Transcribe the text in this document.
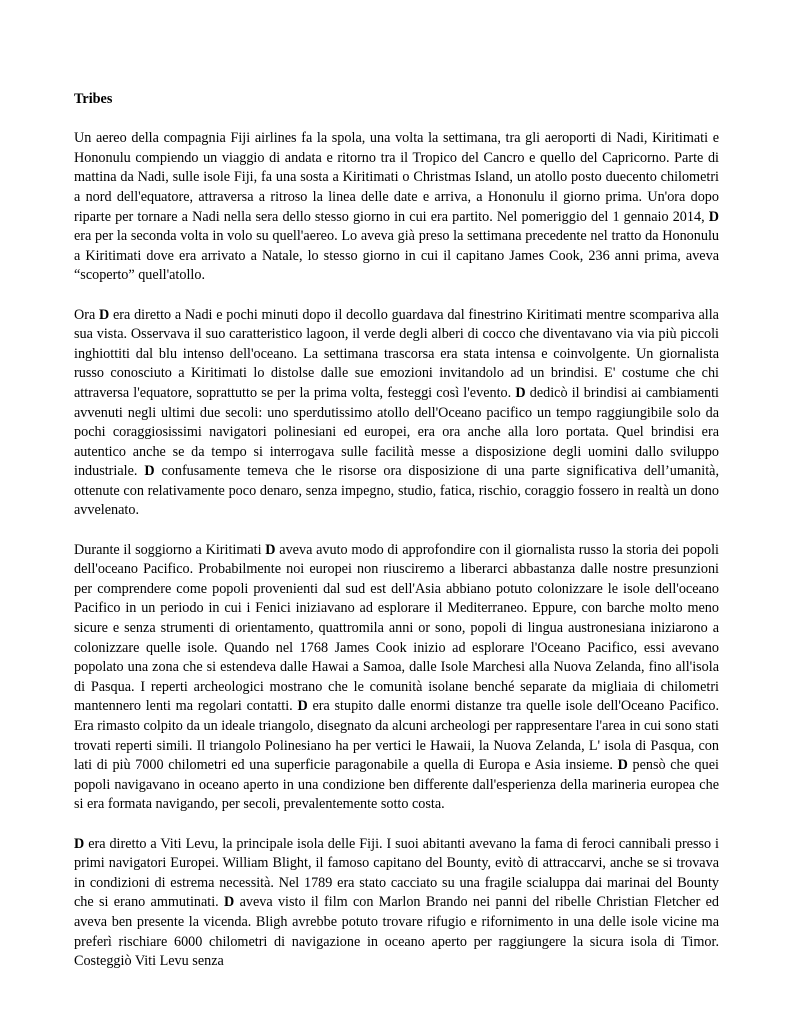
Tribes

Un aereo della compagnia Fiji airlines fa la spola, una volta la settimana, tra gli aeroporti di Nadi, Kiritimati e Hononulu compiendo un viaggio di andata e ritorno tra il Tropico del Cancro e quello del Capricorno. Parte di mattina da Nadi, sulle isole Fiji, fa una sosta a Kiritimati o Christmas Island, un atollo posto duecento chilometri a nord dell'equatore, attraversa a ritroso la linea delle date e arriva, a Hononulu il giorno prima. Un'ora dopo riparte per tornare a Nadi nella sera dello stesso giorno in cui era partito. Nel pomeriggio del 1 gennaio 2014, D era per la seconda volta in volo su quell'aereo. Lo aveva già preso la settimana precedente nel tratto da Hononulu a Kiritimati dove era arrivato a Natale, lo stesso giorno in cui il capitano James Cook, 236 anni prima, aveva “scoperto” quell'atollo.

Ora D era diretto a Nadi e pochi minuti dopo il decollo guardava dal finestrino Kiritimati mentre scompariva alla sua vista. Osservava il suo caratteristico lagoon, il verde degli alberi di cocco che diventavano via via più piccoli inghiottiti dal blu intenso dell'oceano. La settimana trascorsa era stata intensa e coinvolgente. Un giornalista russo conosciuto a Kiritimati lo distolse dalle sue emozioni invitandolo ad un brindisi. E' costume che chi attraversa l'equatore, soprattutto se per la prima volta, festeggi così l'evento. D dedicò il brindisi ai cambiamenti avvenuti negli ultimi due secoli: uno sperdutissimo atollo dell'Oceano pacifico un tempo raggiungibile solo da pochi coraggiosissimi navigatori polinesiani ed europei, era ora anche alla loro portata. Quel brindisi era autentico anche se da tempo si interrogava sulle facilità messe a disposizione degli uomini dallo sviluppo industriale. D confusamente temeva che le risorse ora disposizione di una parte significativa dell’umanità, ottenute con relativamente poco denaro, senza impegno, studio, fatica, rischio, coraggio fossero in realtà un dono avvelenato.

Durante il soggiorno a Kiritimati D aveva avuto modo di approfondire con il giornalista russo la storia dei popoli dell'oceano Pacifico. Probabilmente noi europei non riusciremo a liberarci abbastanza dalle nostre presunzioni per comprendere come popoli provenienti dal sud est dell'Asia abbiano potuto colonizzare le isole dell'oceano Pacifico in un periodo in cui i Fenici iniziavano ad esplorare il Mediterraneo. Eppure, con barche molto meno sicure e senza strumenti di orientamento, quattromila anni or sono, popoli di lingua austronesiana iniziarono a colonizzare quelle isole. Quando nel 1768 James Cook inizio ad esplorare l'Oceano Pacifico, essi avevano popolato una zona che si estendeva dalle Hawai a Samoa, dalle Isole Marchesi alla Nuova Zelanda, fino all'isola di Pasqua. I reperti archeologici mostrano che le comunità isolane benché separate da migliaia di chilometri mantennero lenti ma regolari contatti. D era stupito dalle enormi distanze tra quelle isole dell'Oceano Pacifico. Era rimasto colpito da un ideale triangolo, disegnato da alcuni archeologi per rappresentare l'area in cui sono stati trovati reperti simili. Il triangolo Polinesiano ha per vertici le Hawaii, la Nuova Zelanda, L' isola di Pasqua, con lati di più 7000 chilometri ed una superficie paragonabile a quella di Europa e Asia insieme. D pensò che quei popoli navigavano in oceano aperto in una condizione ben differente dall'esperienza della marineria europea che si era formata navigando, per secoli, prevalentemente sotto costa.

D era diretto a Viti Levu, la principale isola delle Fiji. I suoi abitanti avevano la fama di feroci cannibali presso i primi navigatori Europei. William Blight, il famoso capitano del Bounty, evitò di attraccarvi, anche se si trovava in condizioni di estrema necessità. Nel 1789 era stato cacciato su una fragile scialuppa dai marinai del Bounty che si erano ammutinati. D aveva visto il film con Marlon Brando nei panni del ribelle Christian Fletcher ed aveva ben presente la vicenda. Bligh avrebbe potuto trovare rifugio e rifornimento in una delle isole vicine ma preferì rischiare 6000 chilometri di navigazione in oceano aperto per raggiungere la sicura isola di Timor. Costeggiò Viti Levu senza
